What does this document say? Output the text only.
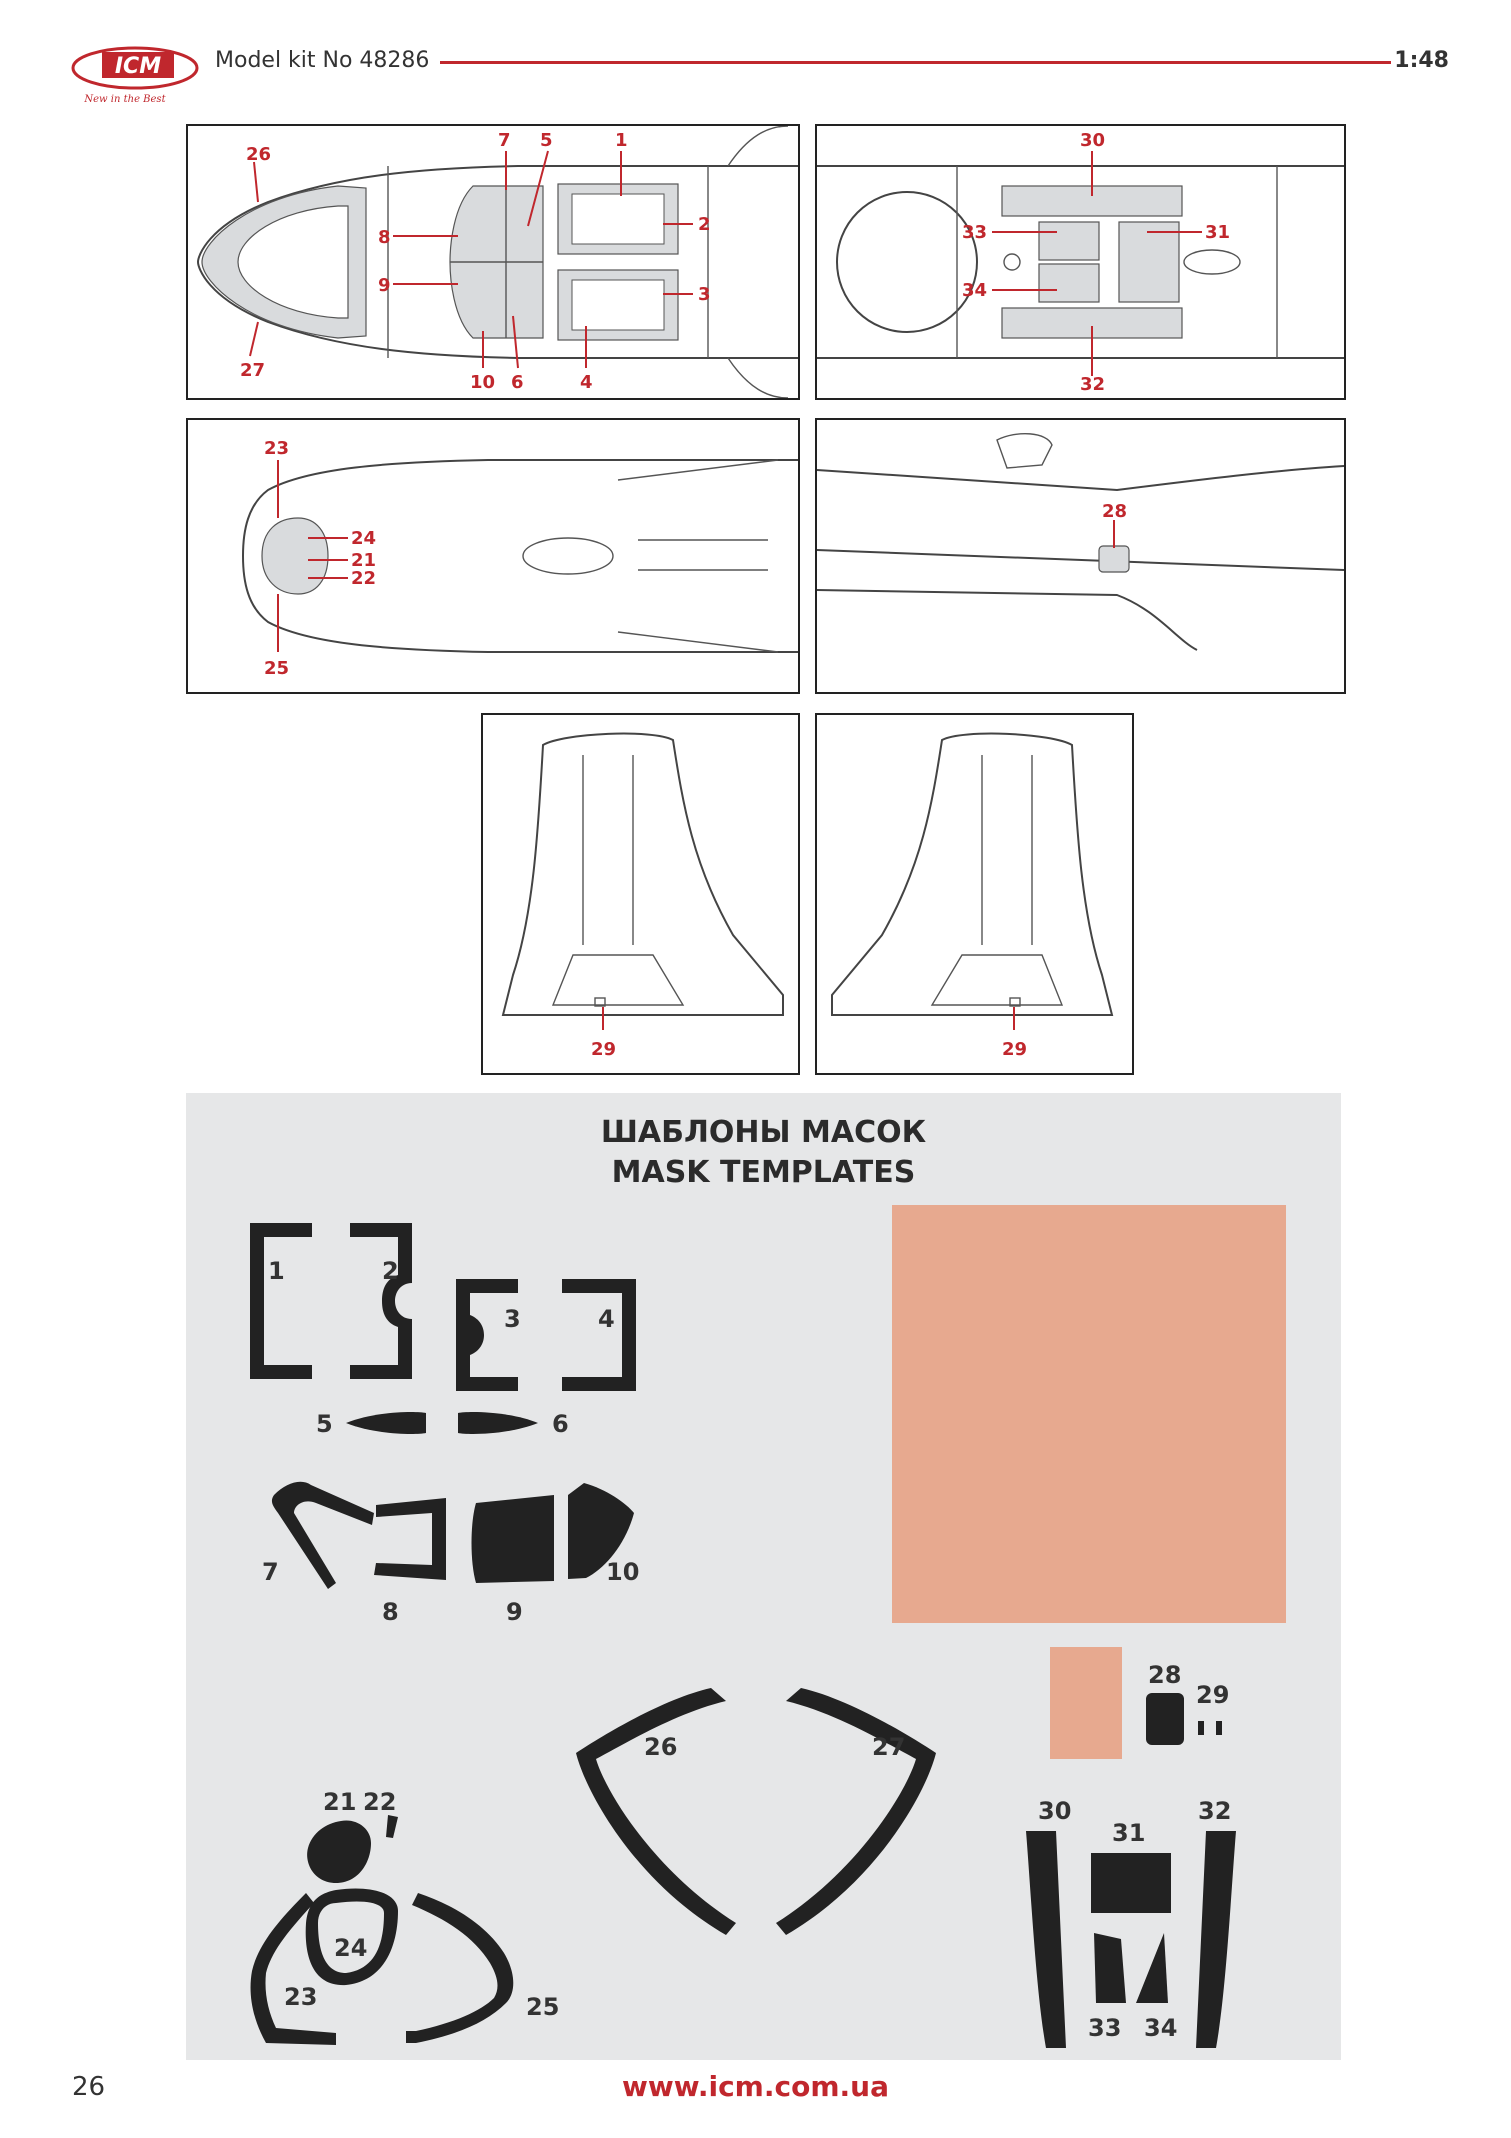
ICM
New in the Best
Model kit No 48286	1:48
26
7 5	1
8
2
9	3
27
10 6	4
30
33	31
34
32
23
24
21
22
25
28
29	29
ШАБЛОНЫ МАСОК
MASK TEMPLATES
1	2
3	4
5	6
7
8	9
10
21 22
23
24
25
26	27
28
29
30
31
32
33 34
26	www.icm.com.ua
